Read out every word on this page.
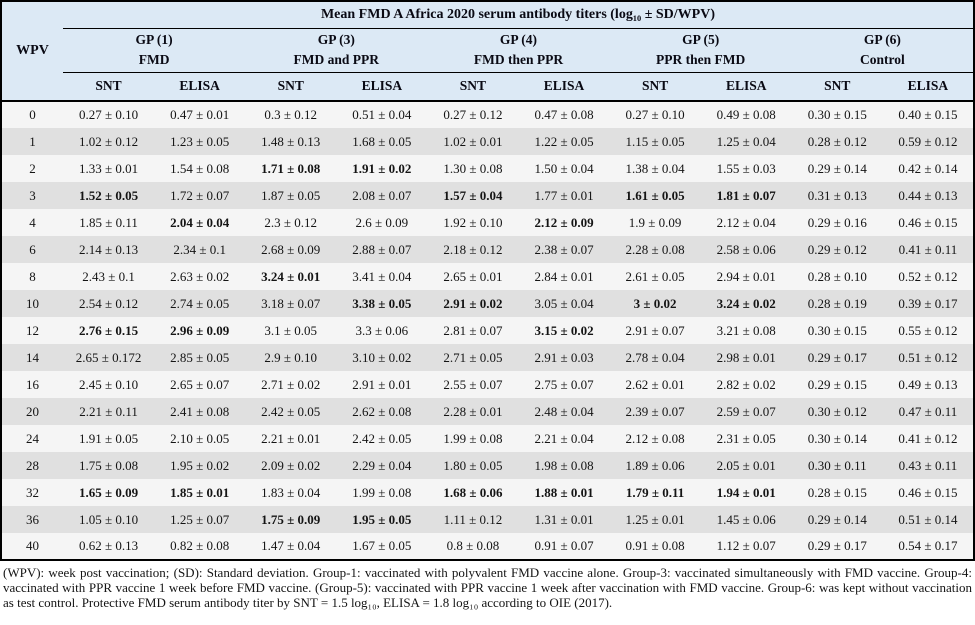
WPV	Mean FMD A Africa 2020 serum antibody titers (log₁₀ ± SD/WPV)									

GP (1)
FMD

GP (3)
FMD and PPR

GP (4)
FMD then PPR

GP (5)
PPR then FMD

GP (6)
Control

	SNT	ELISA	SNT	ELISA	SNT	ELISA	SNT	ELISA	SNT	ELISA
0	0.27 ± 0.10	0.47 ± 0.01	0.3 ± 0.12	0.51 ± 0.04	0.27 ± 0.12	0.47 ± 0.08	0.27 ± 0.10	0.49 ± 0.08	0.30 ± 0.15	0.40 ± 0.15
1	1.02 ± 0.12	1.23 ± 0.05	1.48 ± 0.13	1.68 ± 0.05	1.02 ± 0.01	1.22 ± 0.05	1.15 ± 0.05	1.25 ± 0.04	0.28 ± 0.12	0.59 ± 0.12
2	1.33 ± 0.01	1.54 ± 0.08	1.71 ± 0.08	1.91 ± 0.02	1.30 ± 0.08	1.50 ± 0.04	1.38 ± 0.04	1.55 ± 0.03	0.29 ± 0.14	0.42 ± 0.14
3	1.52 ± 0.05	1.72 ± 0.07	1.87 ± 0.05	2.08 ± 0.07	1.57 ± 0.04	1.77 ± 0.01	1.61 ± 0.05	1.81 ± 0.07	0.31 ± 0.13	0.44 ± 0.13
4	1.85 ± 0.11	2.04 ± 0.04	2.3 ± 0.12	2.6 ± 0.09	1.92 ± 0.10	2.12 ± 0.09	1.9 ± 0.09	2.12 ± 0.04	0.29 ± 0.16	0.46 ± 0.15
6	2.14 ± 0.13	2.34 ± 0.1	2.68 ± 0.09	2.88 ± 0.07	2.18 ± 0.12	2.38 ± 0.07	2.28 ± 0.08	2.58 ± 0.06	0.29 ± 0.12	0.41 ± 0.11
8	2.43 ± 0.1	2.63 ± 0.02	3.24 ± 0.01	3.41 ± 0.04	2.65 ± 0.01	2.84 ± 0.01	2.61 ± 0.05	2.94 ± 0.01	0.28 ± 0.10	0.52 ± 0.12
10	2.54 ± 0.12	2.74 ± 0.05	3.18 ± 0.07	3.38 ± 0.05	2.91 ± 0.02	3.05 ± 0.04	3 ± 0.02	3.24 ± 0.02	0.28 ± 0.19	0.39 ± 0.17
12	2.76 ± 0.15	2.96 ± 0.09	3.1 ± 0.05	3.3 ± 0.06	2.81 ± 0.07	3.15 ± 0.02	2.91 ± 0.07	3.21 ± 0.08	0.30 ± 0.15	0.55 ± 0.12
14	2.65 ± 0.172	2.85 ± 0.05	2.9 ± 0.10	3.10 ± 0.02	2.71 ± 0.05	2.91 ± 0.03	2.78 ± 0.04	2.98 ± 0.01	0.29 ± 0.17	0.51 ± 0.12
16	2.45 ± 0.10	2.65 ± 0.07	2.71 ± 0.02	2.91 ± 0.01	2.55 ± 0.07	2.75 ± 0.07	2.62 ± 0.01	2.82 ± 0.02	0.29 ± 0.15	0.49 ± 0.13
20	2.21 ± 0.11	2.41 ± 0.08	2.42 ± 0.05	2.62 ± 0.08	2.28 ± 0.01	2.48 ± 0.04	2.39 ± 0.07	2.59 ± 0.07	0.30 ± 0.12	0.47 ± 0.11
24	1.91 ± 0.05	2.10 ± 0.05	2.21 ± 0.01	2.42 ± 0.05	1.99 ± 0.08	2.21 ± 0.04	2.12 ± 0.08	2.31 ± 0.05	0.30 ± 0.14	0.41 ± 0.12
28	1.75 ± 0.08	1.95 ± 0.02	2.09 ± 0.02	2.29 ± 0.04	1.80 ± 0.05	1.98 ± 0.08	1.89 ± 0.06	2.05 ± 0.01	0.30 ± 0.11	0.43 ± 0.11
32	1.65 ± 0.09	1.85 ± 0.01	1.83 ± 0.04	1.99 ± 0.08	1.68 ± 0.06	1.88 ± 0.01	1.79 ± 0.11	1.94 ± 0.01	0.28 ± 0.15	0.46 ± 0.15
36	1.05 ± 0.10	1.25 ± 0.07	1.75 ± 0.09	1.95 ± 0.05	1.11 ± 0.12	1.31 ± 0.01	1.25 ± 0.01	1.45 ± 0.06	0.29 ± 0.14	0.51 ± 0.14
40	0.62 ± 0.13	0.82 ± 0.08	1.47 ± 0.04	1.67 ± 0.05	0.8 ± 0.08	0.91 ± 0.07	0.91 ± 0.08	1.12 ± 0.07	0.29 ± 0.17	0.54 ± 0.17

(WPV): week post vaccination; (SD): Standard deviation. Group-1: vaccinated with polyvalent FMD vaccine alone. Group-3: vaccinated simultaneously with FMD vaccine. Group-4: vaccinated with PPR vaccine 1 week before FMD vaccine. (Group-5): vaccinated with PPR vaccine 1 week after vaccination with FMD vaccine. Group-6: was kept without vaccination as test control. Protective FMD serum antibody titer by SNT = 1.5 log₁₀, ELISA = 1.8 log₁₀ according to OIE (2017).
